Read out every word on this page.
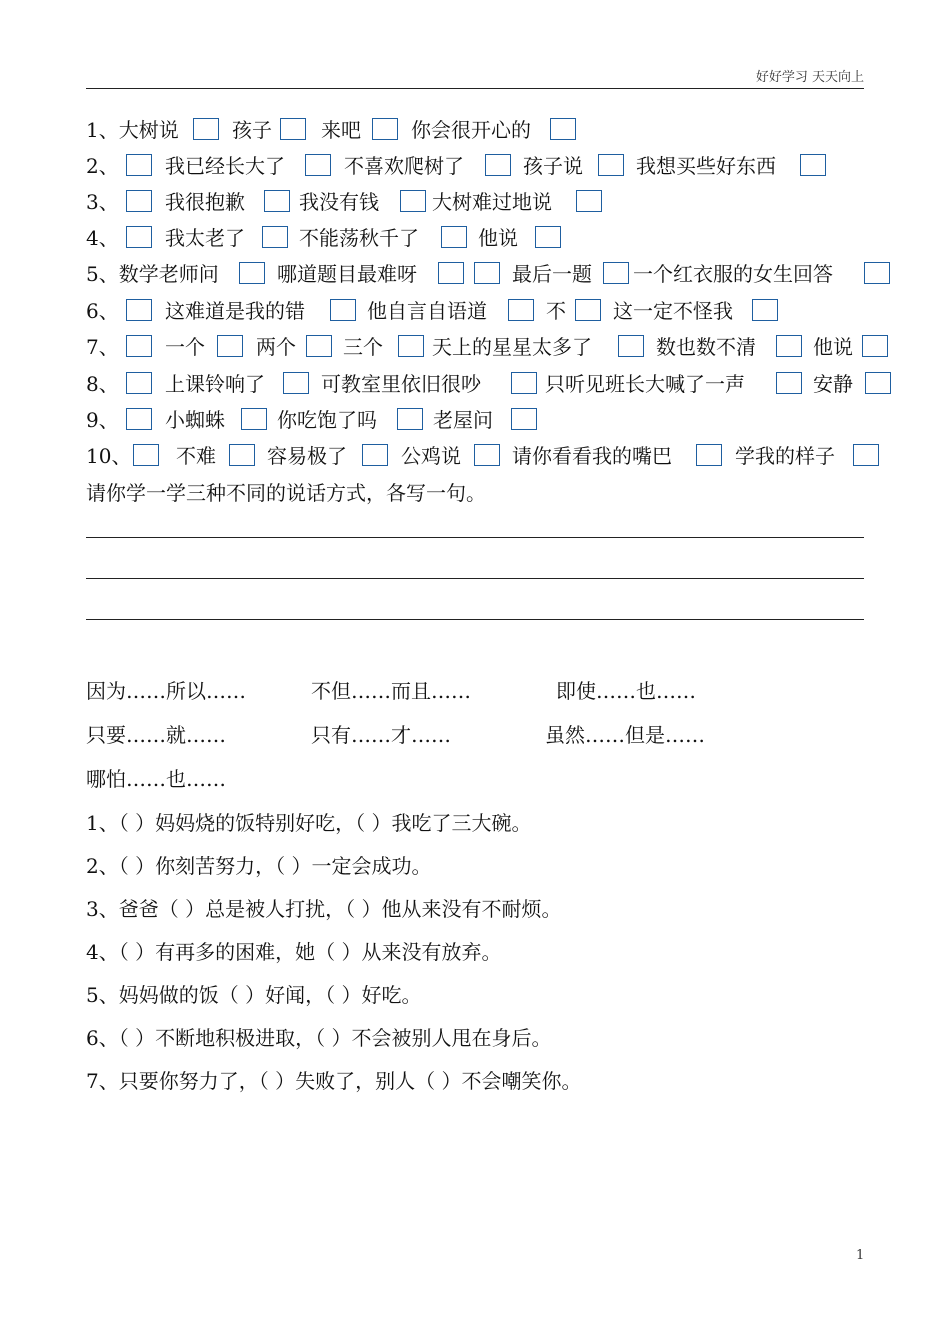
好好学习 天天向上
1、大树说	孩子 来吧	你会很开心的
2、 我已经长大了	不喜欢爬树了	孩子说	我想买些好东西
3、 我很抱歉	我没有钱	大树难过地说
4、 我太老了	不能荡秋千了	他说
5、数学老师问	哪道题目最难呀	最后一题 一个红衣服的女生回答
6、 这难道是我的错	他自言自语道	不 这一定不怪我
7、 一个	两个 三个 天上的星星太多了	数也数不清	他说
8、 上课铃响了	可教室里依旧很吵	只听见班长大喊了一声	安静
9、 小蜘蛛	你吃饱了吗	老屋问
10、 不难	容易极了	公鸡说	请你看看我的嘴巴	学我的样子
请你学一学三种不同的说话方式，各写一句。
因为……所以……	不但……而且……	即使……也……
只要……就……	只有……才……	虽然……但是……
哪怕……也……
1、（ ）妈妈烧的饭特别好吃，（ ）我吃了三大碗。
2、（ ）你刻苦努力，（ ）一定会成功。
3、爸爸（ ）总是被人打扰，（ ）他从来没有不耐烦。
4、（ ）有再多的困难，她（ ）从来没有放弃。
5、妈妈做的饭（ ）好闻，（ ）好吃。
6、（ ）不断地积极进取，（ ）不会被别人甩在身后。
7、只要你努力了，（ ）失败了，别人（ ）不会嘲笑你。
1
